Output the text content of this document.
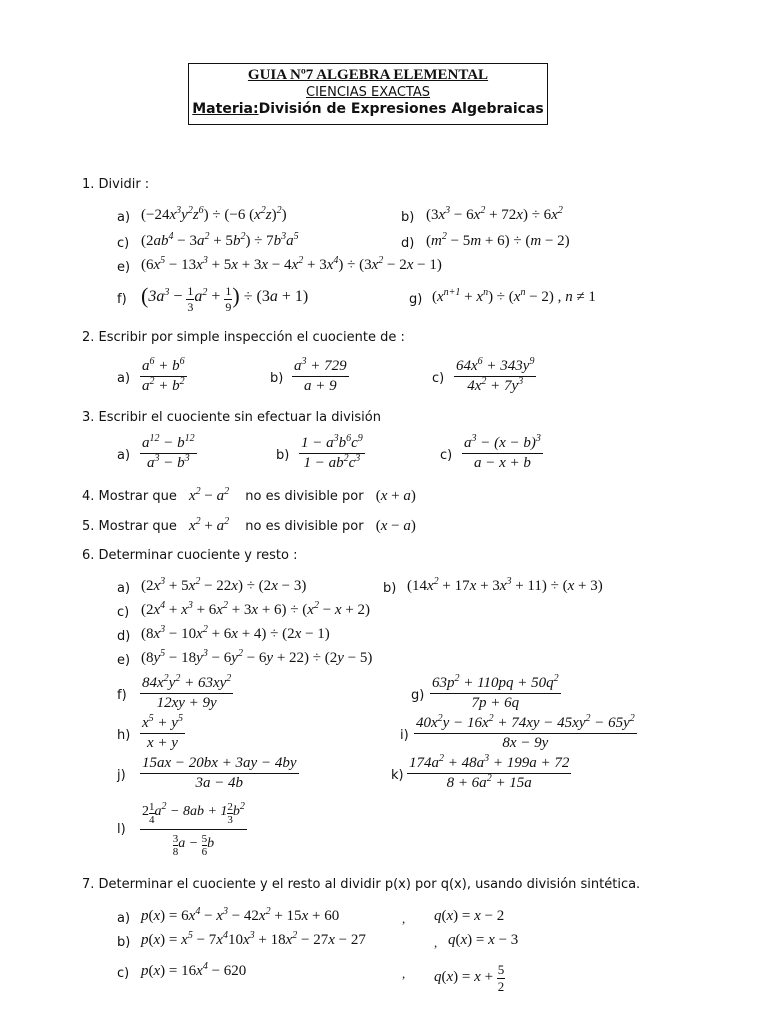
GUIA Nº7 ALGEBRA ELEMENTAL
CIENCIAS EXACTAS
Materia:División de Expresiones Algebraicas
1. Dividir :
a) $(-24x^3y^2z^6) \div (-6$ $(x^2z)^2$)	b) $(3x^3 - 6x^2 + 72x) \div 6x^2$
c) $(2ab^4 - 3a^2 + 5b^2) \div 7b^3a^5$	d) $(m^2 - 5m + 6) \div (m - 2)$
e) $(6x^5 - 13x^3 + 5x + 3x - 4x^2 + 3x^4) \div (3x^2 - 2x - 1)$
f) ($3a^3 - \frac{1}{3} a^2 + \frac{1}{9}$ ) ÷ (3a + 1)	g) $(x^{n+1} + x^n) \div (x^n - 2)$ , n ≠ 1
2. Escribir por simple inspección el cuociente de :
$a) \frac{a^6 + b^6}{a^2 + b^2}$	$b) \frac{a^3 + 729}{a + 9}$	$c) \frac{64x^6 + 343y^9}{4x^2 + 7y^3}$
3. Escribir el cuociente sin efectuar la división
$a) \frac{a^{12} - b^{12}}{a^3 - b^3}$	$b) \frac{1 - a^3b^6c^9}{1 - ab^2c^3}$	$c) \frac{a^3 - (x - b)^3}{a - x + b}$
4. Mostrar que $x^2 - a^2$ no es divisible por (x + a)
5. Mostrar que $x^2 + a^2$ no es divisible por (x − a)
6. Determinar cuociente y resto :
a) $(2x^3 + 5x^2 - 22x) \div (2x - 3)$	b) $(14x^2 + 17x + 3x^3 + 11) \div (x + 3)$
c) $(2x^4 + x^3 + 6x^2 + 3x + 6) \div (x^2 - x + 2)$
d) $(8x^3 - 10x^2 + 6x + 4) \div (2x - 1)$
e) $(8y^5 - 18y^3 - 6y^2 - 6y + 22) \div (2y - 5)$
$f) \frac{84x^2y^2 + 63xy^2}{12xy + 9y}$	$g) \frac{63p^2 + 110pq + 50q^2}{7p + 6q}$
$h) \frac{x^5 + y^5}{x + y}$	$i) \frac{40x^2y - 16x^2 + 74xy - 45xy^2 - 65y^2}{8x - 9y}$
$j) \frac{15ax - 20bx + 3ay - 4by}{3a - 4b}$	$k) \frac{174a^2 + 48a^3 + 199a + 72}{8 + 6a^2 + 15a}$
$l) \frac{2 \frac{1}{4} a^2 - 8ab + 1 \frac{2}{3} b^2}{\frac{3}{8} a - \frac{5}{6} b}$
7. Determinar el cuociente y el resto al dividir p(x) por q(x), usando división sintética.
a) $p(x) = 6x^4 - x^3 - 42x^2 + 15x + 60$	, q(x) = x − 2
b) $p(x) = x^5 - 7x^410x^3 + 18x^2 - 27x - 27$	, q(x) = x − 3
c) $p(x) = 16x^4 - 620$	, $q(x) = x + \frac{5}{2}$
